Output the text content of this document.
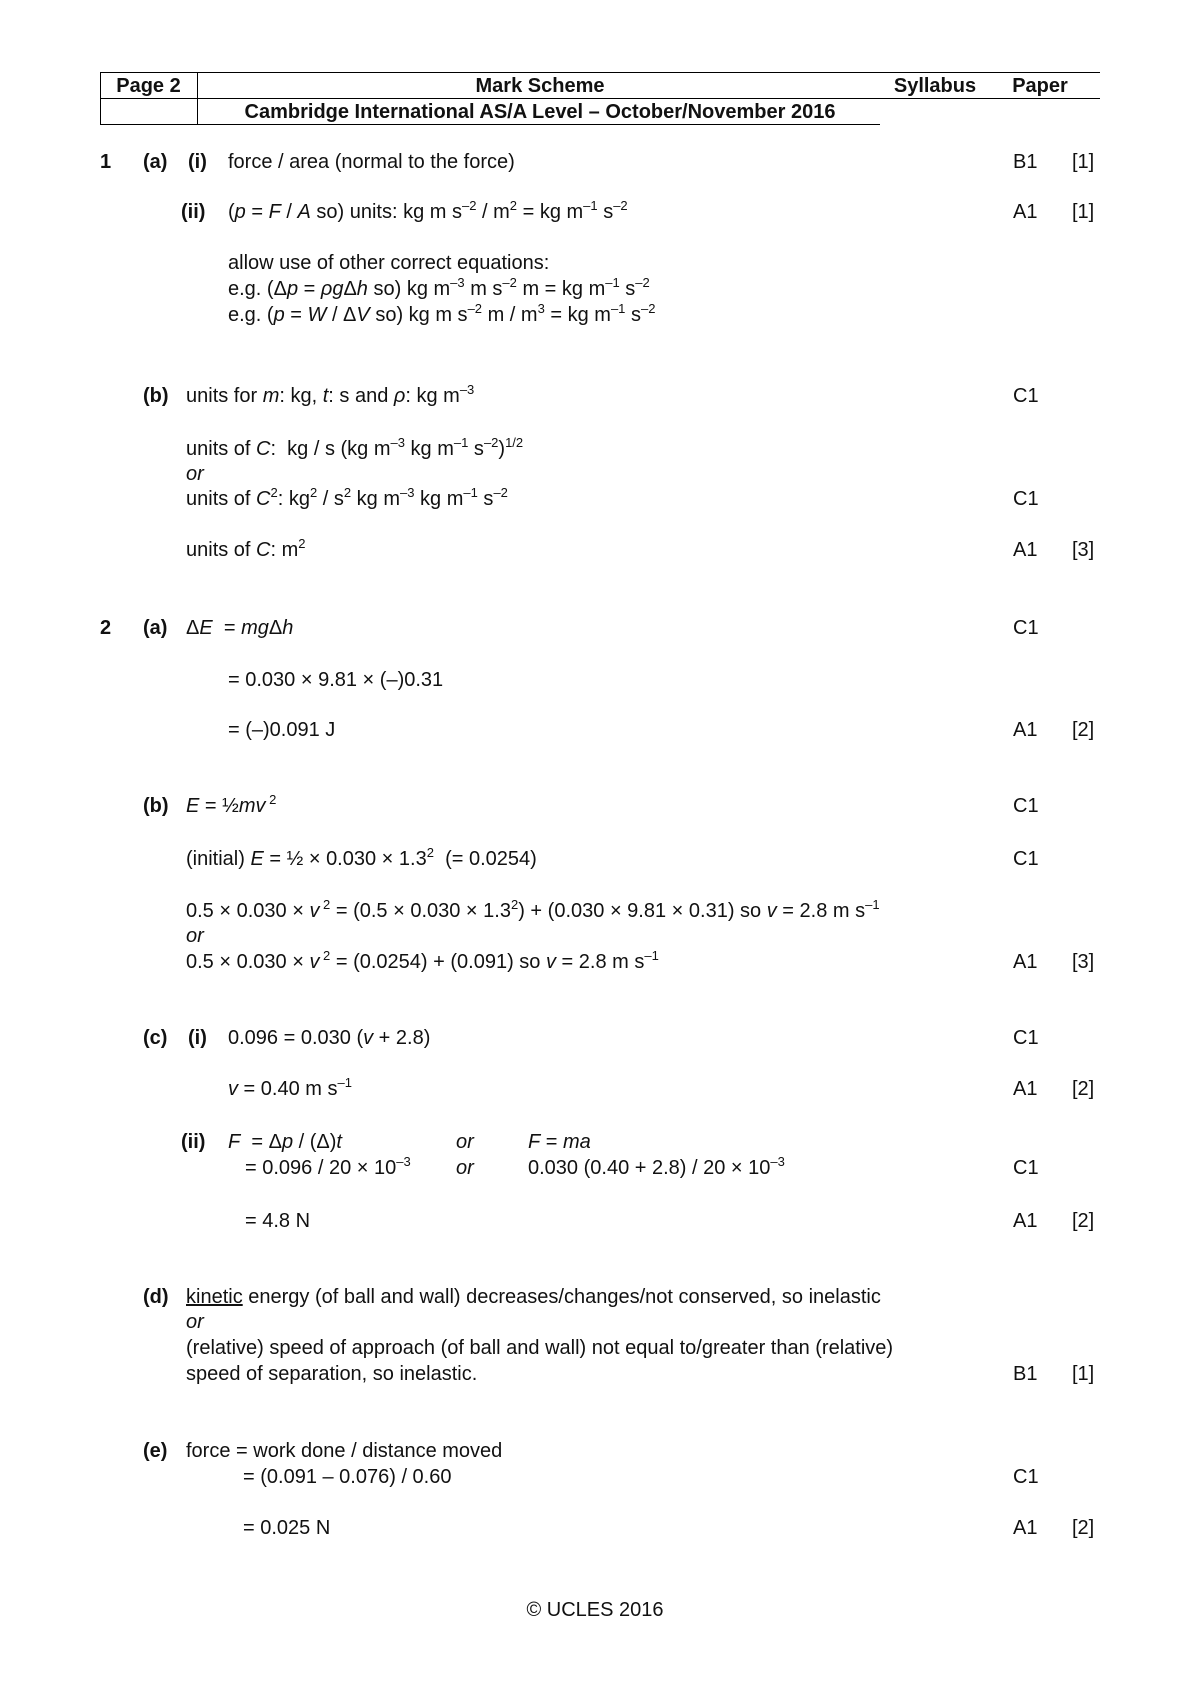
Page 2	Mark Scheme	Syllabus	Paper
Cambridge International AS/A Level – October/November 2016
1 (a) (i) force / area (normal to the force)	B1	[1]
(ii) (p = F / A so) units: kg m $s^{-2} / m^2$ = kg $m^{-1}$ $s^{-2}$	A1	[1]
allow use of other correct equations:
e.g. (Δp = ρgΔh so) kg $m^{-3}$ m $s^{-2}$ m = kg $m^{-1}$ $s^{-2}$
e.g. (p = W / ΔV so) kg m $s^{-2}$ m / $m^3$ = kg $m^{-1}$ $s^{-2}$
(b) units for m: kg, t: s and ρ: kg $m^{-3}$	C1
units of C:  kg / s (kg $m^{-3}$ kg $m^{-1}$ $s^{-2})^{1/2}$
or
units of $C^2$: $kg^2 / s^2$ kg $m^{-3}$ kg $m^{-1}$ $s^{-2}$	C1
units of C: $m^2$	A1	[3]
2 (a) ΔE  = mgΔh	C1
= 0.030 × 9.81 × (–)0.31
= (–)0.091 J	A1	[2]
(b) E = ½mv $^2$	C1
(initial) E = ½ × $0.030 \times 1.3^2$  (= 0.0254)	C1
0.5 × 0.030 × v $^2 = (0.5 \times 0.030 \times 1.3^2) + (0.030 \times 9.81 \times 0.31)$ so v = 2.8 m $s^{-1}$
or
0.5 × 0.030 × v $^2$ = (0.0254) + (0.091) so v = 2.8 m $s^{-1}$	A1	[3]
(c) (i) 0.096 = 0.030 (v + 2.8)	C1
v = 0.40 m $s^{-1}$	A1	[2]
(ii) F  = Δp / (Δ)t	or	F = ma
= $0.096 / 20 \times 10^{-3}$ or	0.030 $(0.40 + 2.8) / 20 \times 10^{-3}$	C1
= 4.8 N	A1	[2]
(d) kinetic energy (of ball and wall) decreases/changes/not conserved, so inelastic
or
(relative) speed of approach (of ball and wall) not equal to/greater than (relative)
speed of separation, so inelastic.	B1	[1]
(e) force = work done / distance moved
= (0.091 – 0.076) / 0.60	C1
= 0.025 N	A1	[2]
© UCLES 2016
